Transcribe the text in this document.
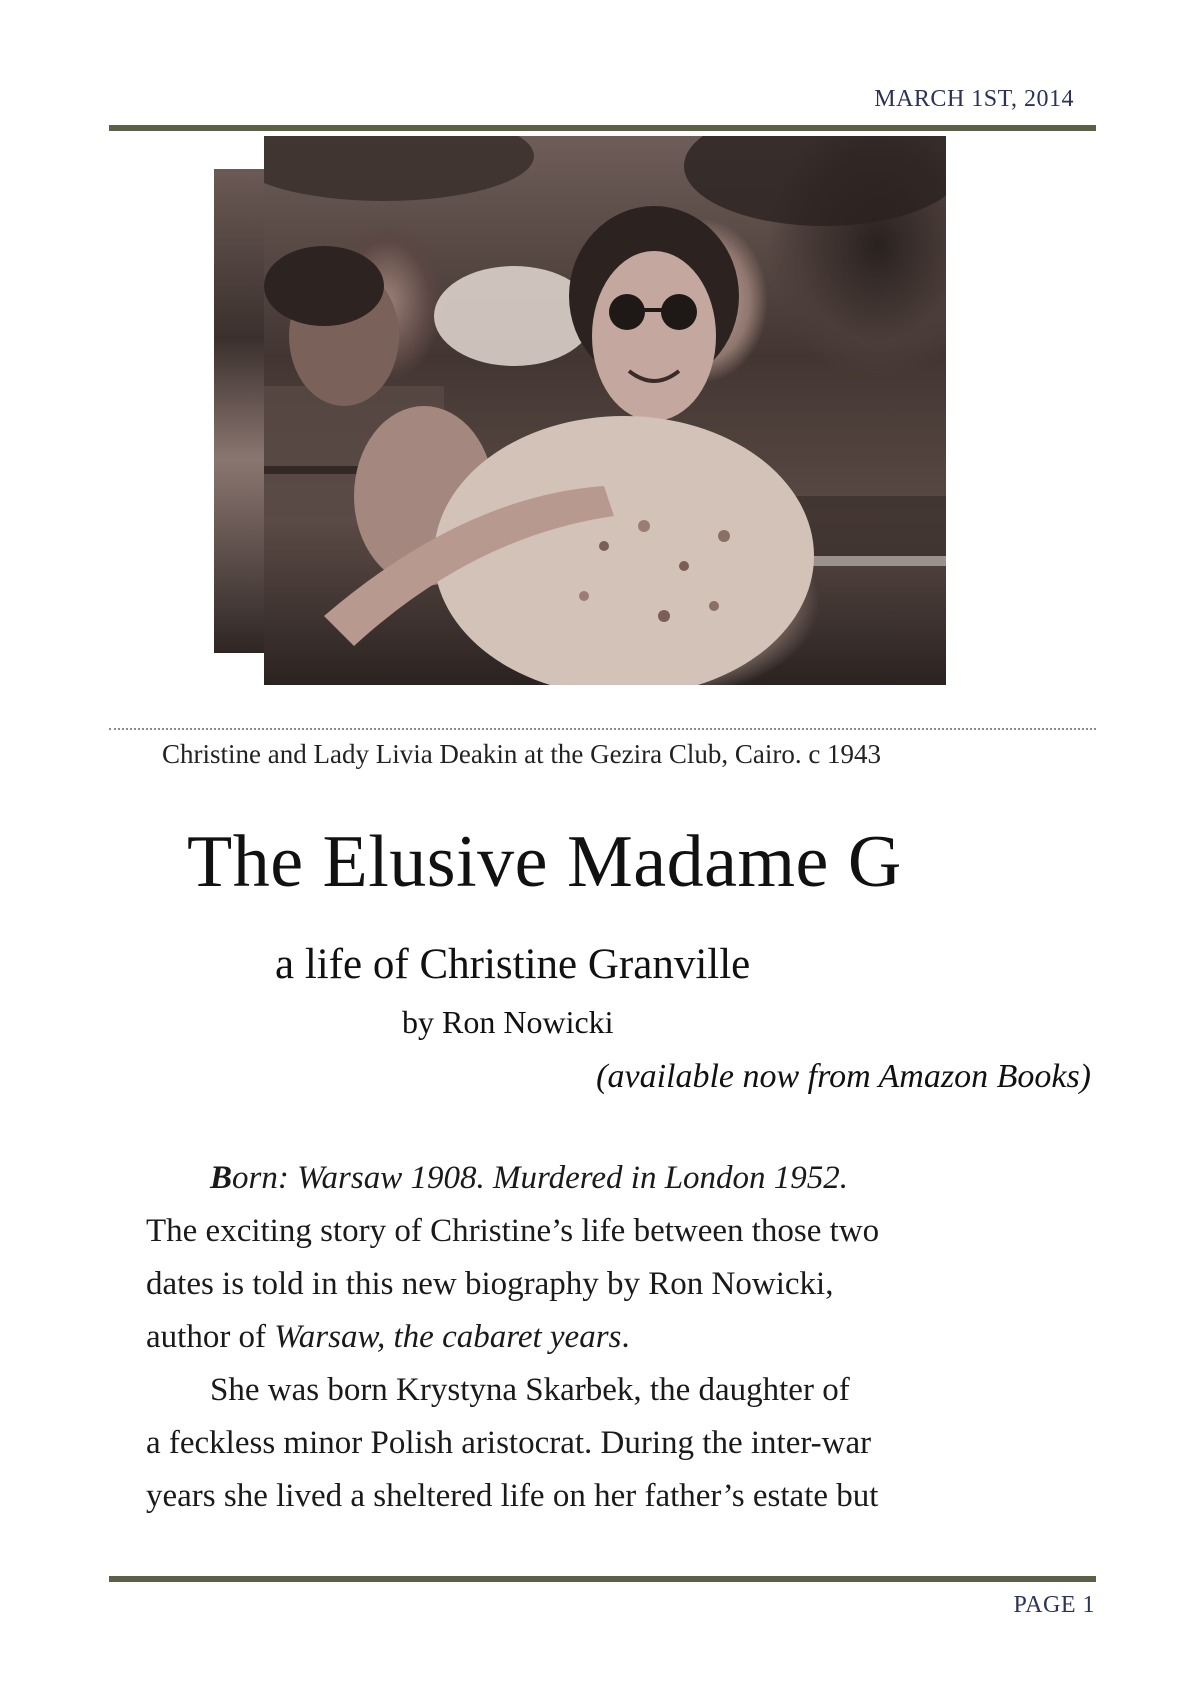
MARCH 1ST, 2014
Christine and Lady Livia Deakin at the Gezira Club, Cairo. c 1943
The Elusive Madame G
a life of Christine Granville
by Ron Nowicki
(available now from Amazon Books)
Born: Warsaw 1908. Murdered in London 1952.
The exciting story of Christine’s life between those two
dates is told in this new biography by Ron Nowicki,
author of Warsaw, the cabaret years.
She was born Krystyna Skarbek, the daughter of
a feckless minor Polish aristocrat. During the inter-war
years she lived a sheltered life on her father’s estate but
PAGE 1
